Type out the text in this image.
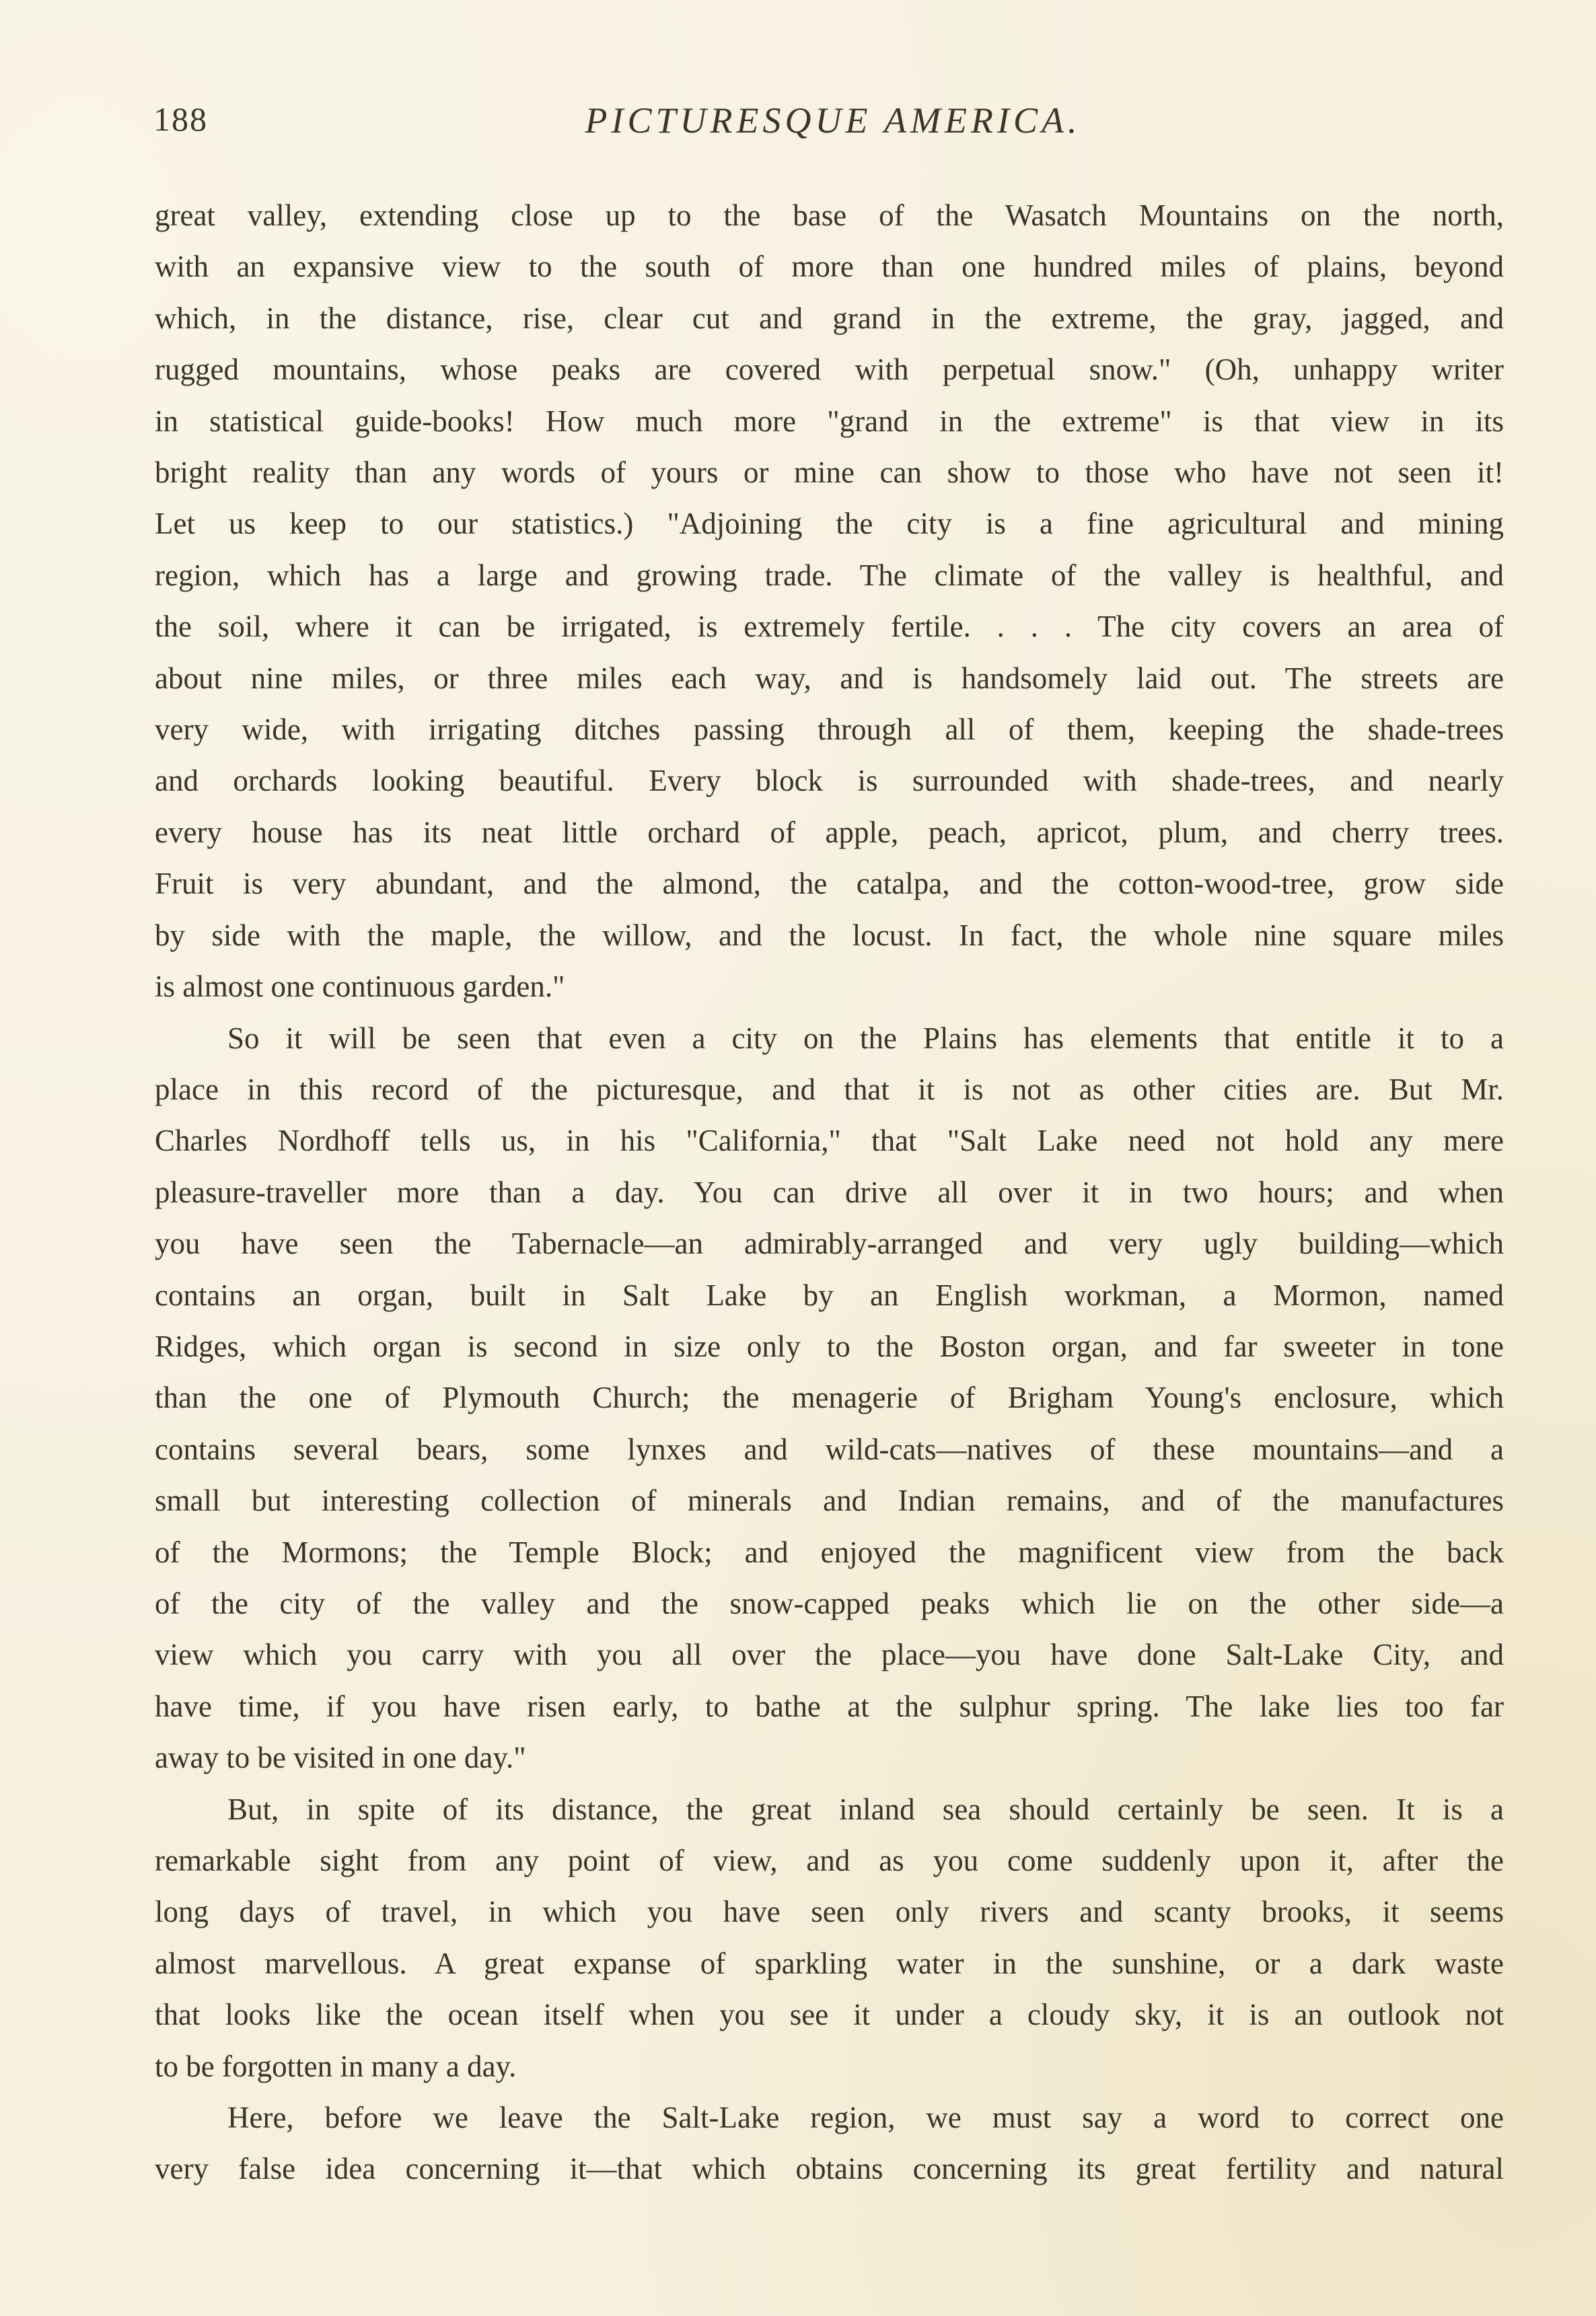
188	PICTURESQUE AMERICA.
great valley, extending close up to the base of the Wasatch Mountains on the north,
with an expansive view to the south of more than one hundred miles of plains, beyond
which, in the distance, rise, clear cut and grand in the extreme, the gray, jagged, and
rugged mountains, whose peaks are covered with perpetual snow." (Oh, unhappy writer
in statistical guide-books! How much more "grand in the extreme" is that view in its
bright reality than any words of yours or mine can show to those who have not seen it!
Let us keep to our statistics.) "Adjoining the city is a fine agricultural and mining
region, which has a large and growing trade. The climate of the valley is healthful, and
the soil, where it can be irrigated, is extremely fertile. . . . The city covers an area of
about nine miles, or three miles each way, and is handsomely laid out. The streets are
very wide, with irrigating ditches passing through all of them, keeping the shade-trees
and orchards looking beautiful. Every block is surrounded with shade-trees, and nearly
every house has its neat little orchard of apple, peach, apricot, plum, and cherry trees.
Fruit is very abundant, and the almond, the catalpa, and the cotton-wood-tree, grow side
by side with the maple, the willow, and the locust. In fact, the whole nine square miles
is almost one continuous garden."
So it will be seen that even a city on the Plains has elements that entitle it to a
place in this record of the picturesque, and that it is not as other cities are. But Mr.
Charles Nordhoff tells us, in his "California," that "Salt Lake need not hold any mere
pleasure-traveller more than a day. You can drive all over it in two hours; and when
you have seen the Tabernacle—an admirably-arranged and very ugly building—which
contains an organ, built in Salt Lake by an English workman, a Mormon, named
Ridges, which organ is second in size only to the Boston organ, and far sweeter in tone
than the one of Plymouth Church; the menagerie of Brigham Young's enclosure, which
contains several bears, some lynxes and wild-cats—natives of these mountains—and a
small but interesting collection of minerals and Indian remains, and of the manufactures
of the Mormons; the Temple Block; and enjoyed the magnificent view from the back
of the city of the valley and the snow-capped peaks which lie on the other side—a
view which you carry with you all over the place—you have done Salt-Lake City, and
have time, if you have risen early, to bathe at the sulphur spring. The lake lies too far
away to be visited in one day."
But, in spite of its distance, the great inland sea should certainly be seen. It is a
remarkable sight from any point of view, and as you come suddenly upon it, after the
long days of travel, in which you have seen only rivers and scanty brooks, it seems
almost marvellous. A great expanse of sparkling water in the sunshine, or a dark waste
that looks like the ocean itself when you see it under a cloudy sky, it is an outlook not
to be forgotten in many a day.
Here, before we leave the Salt-Lake region, we must say a word to correct one
very false idea concerning it—that which obtains concerning its great fertility and natural
